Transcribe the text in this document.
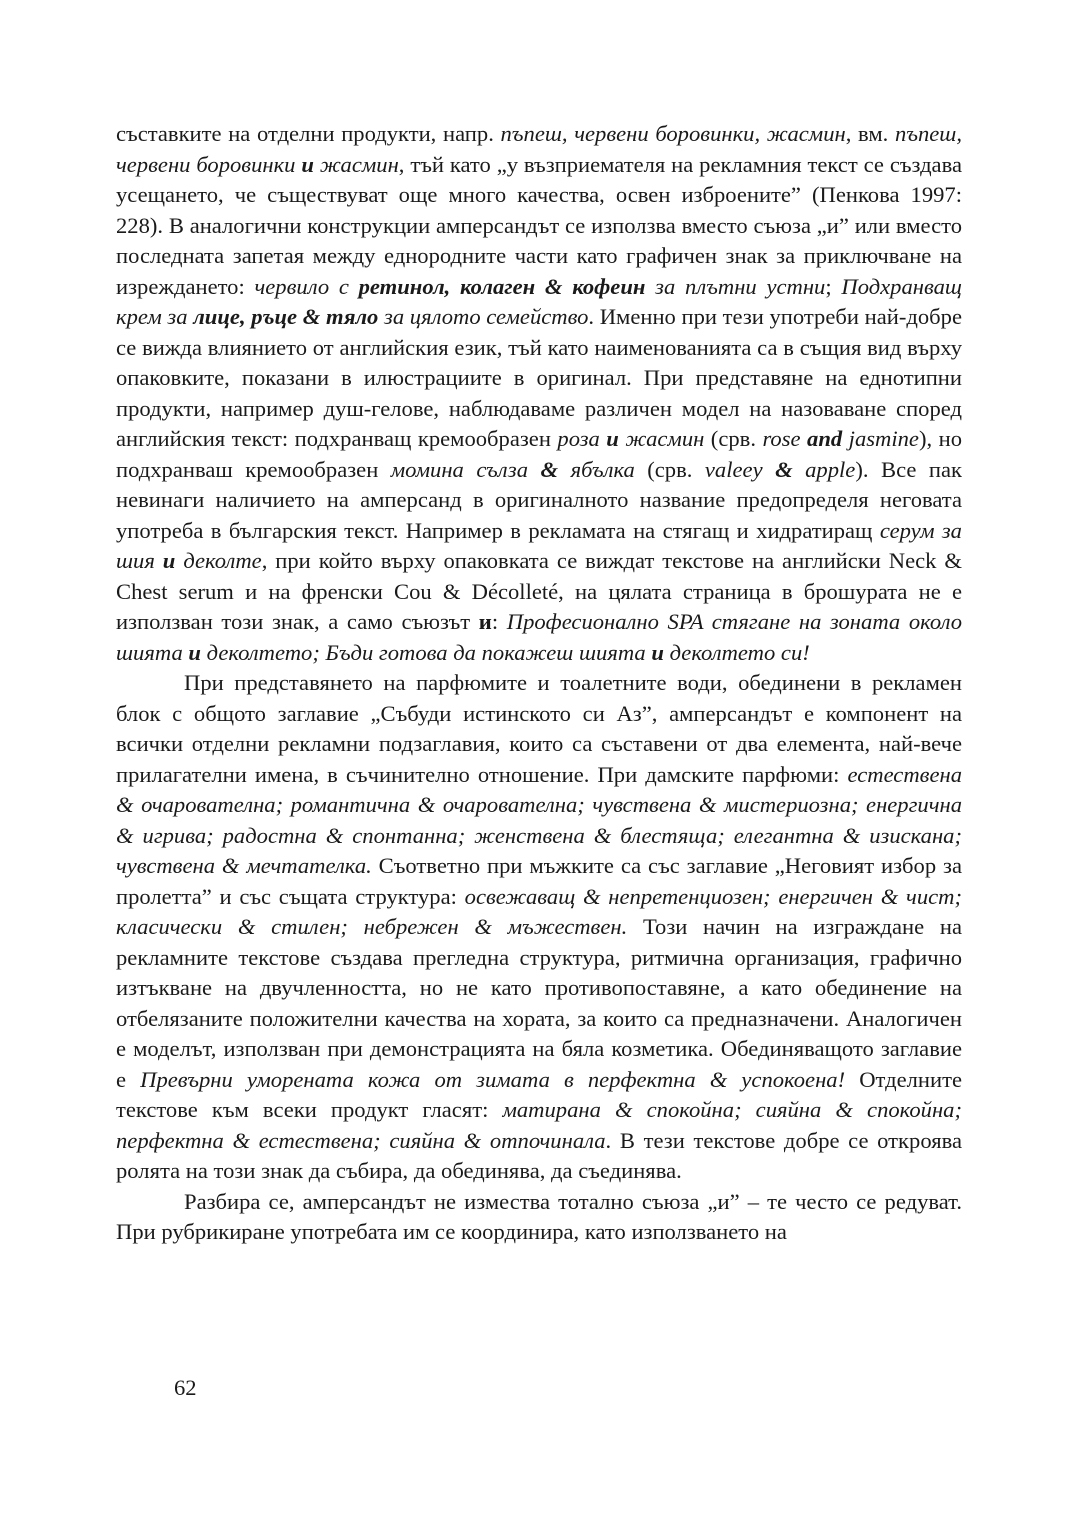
съставките на отделни продукти, напр. пъпеш, червени боровинки, жасмин, вм. пъпеш, червени боровинки и жасмин, тъй като „у възприемателя на рекламния текст се създава усещането, че съществуват още много качества, освен изброените” (Пенкова 1997: 228). В аналогични конструкции амперсандът се използва вместо съюза „и” или вместо последната запетая между еднородните части като графичен знак за приключване на изреждането: червило с ретинол, колаген & кофеин за плътни устни; Подхранващ крем за лице, ръце & тяло за цялото семейство. Именно при тези употреби най-добре се вижда влиянието от английския език, тъй като наименованията са в същия вид върху опаковките, показани в илюстрациите в оригинал. При представяне на еднотипни продукти, например душ-гелове, наблюдаваме различен модел на назоваване според английския текст: подхранващ кремообразен роза и жасмин (срв. rose and jasmine), но подхранваш кремообразен момина сълза & ябълка (срв. valeey & apple). Все пак невинаги наличието на амперсанд в оригиналното название предопределя неговата употреба в българския текст. Например в рекламата на стягащ и хидратиращ серум за шия и деколте, при който върху опаковката се виждат текстове на английски Neck & Chest serum и на френски Cou & Décolleté, на цялата страница в брошурата не е използван този знак, а само съюзът и: Професионално SPA стягане на зоната около шията и деколтето; Бъди готова да покажеш шията и деколтето си!

При представянето на парфюмите и тоалетните води, обединени в рекламен блок с общото заглавие „Събуди истинското си Аз”, амперсандът е компонент на всички отделни рекламни подзаглавия, които са съставени от два елемента, най-вече прилагателни имена, в съчинително отношение. При дамските парфюми: естествена & очарователна; романтична & очарователна; чувствена & мистериозна; енергична & игрива; радостна & спонтанна; женствена & блестяща; елегантна & изискана; чувствена & мечтателка. Съответно при мъжките са със заглавие „Неговият избор за пролетта” и със същата структура: освежаващ & непретенциозен; енергичен & чист; класически & стилен; небрежен & мъжествен. Този начин на изграждане на рекламните текстове създава прегледна структура, ритмична организация, графично изтъкване на двучленността, но не като противопоставяне, а като обединение на отбелязаните положителни качества на хората, за които са предназначени. Аналогичен е моделът, използван при демонстрацията на бяла козметика. Обединяващото заглавие е Превърни уморената кожа от зимата в перфектна & успокоена! Отделните текстове към всеки продукт гласят: матирана & спокойна; сияйна & спокойна; перфектна & естествена; сияйна & отпочинала. В тези текстове добре се откроява ролята на този знак да събира, да обединява, да съединява.

Разбира се, амперсандът не измества тотално съюза „и” – те често се редуват. При рубрикиране употребата им се координира, като използването на

62
